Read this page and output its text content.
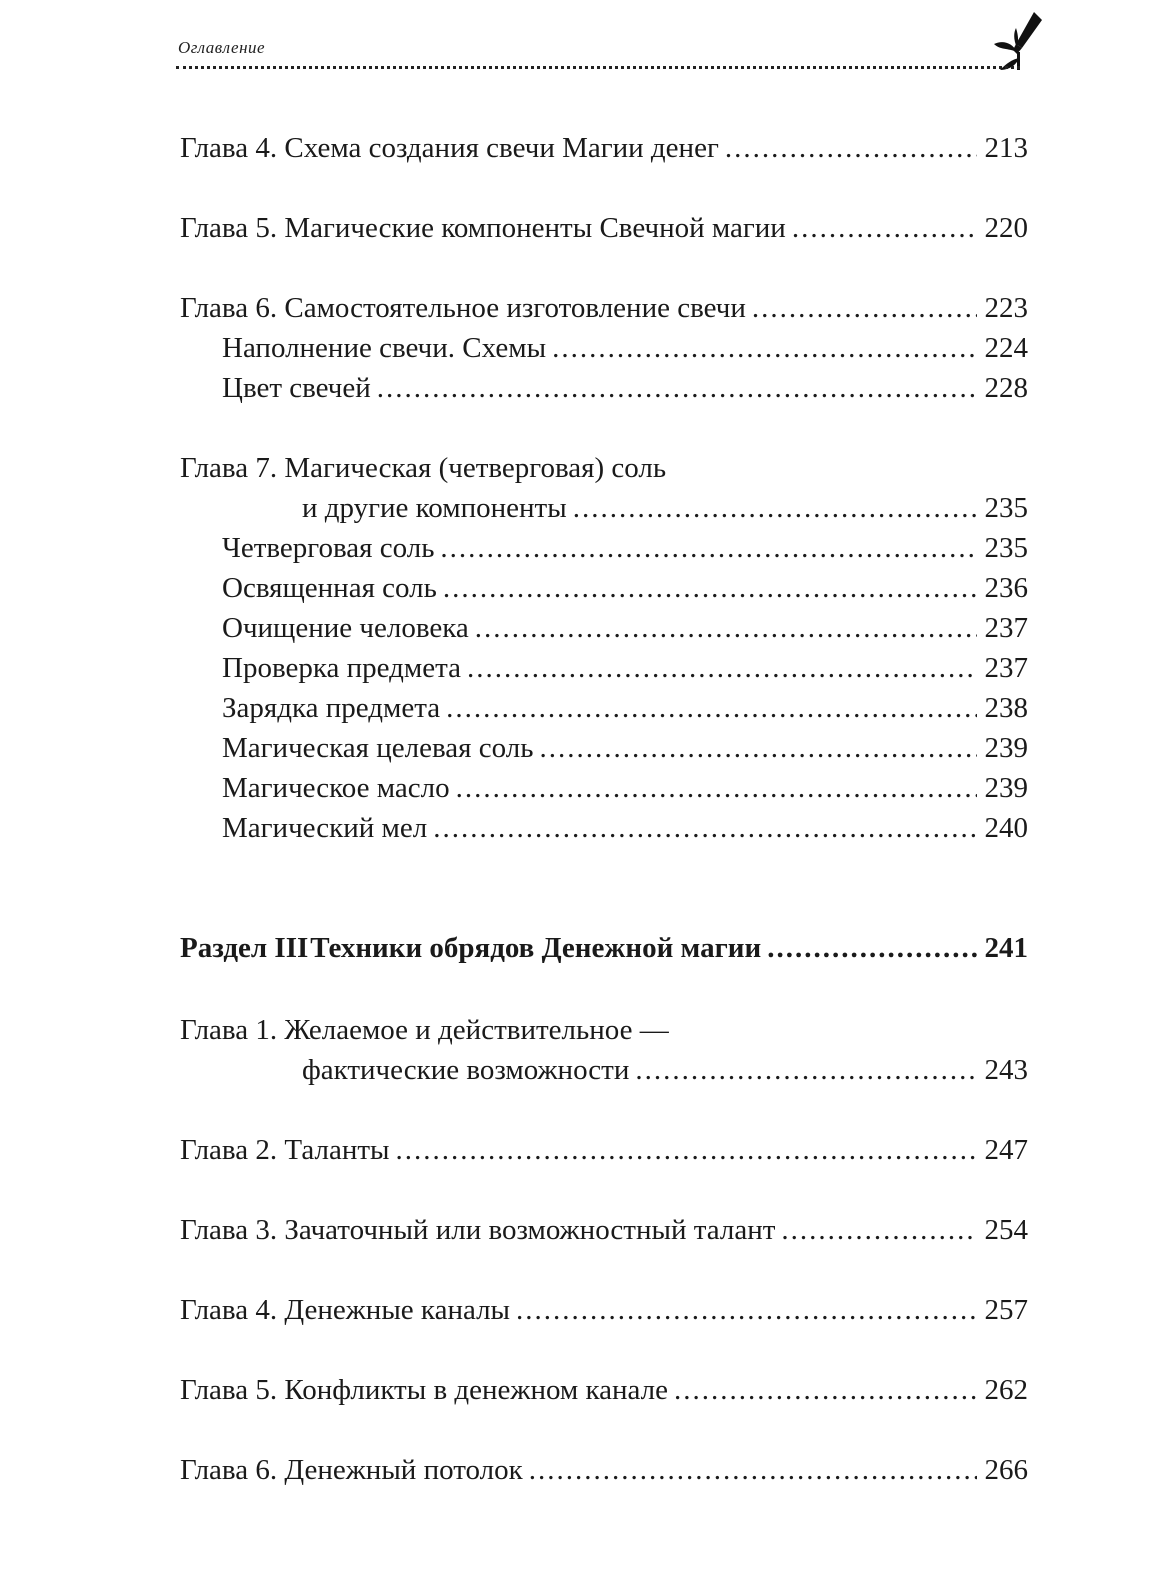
Оглавление
Глава 4. Схема создания свечи Магии денег .....	213
Глава 5. Магические компоненты Свечной магии .....	220
Глава 6. Самостоятельное изготовление свечи .....	223
Наполнение свечи. Схемы .....	224
Цвет свечей .....	228
Глава 7. Магическая (четверговая) соль
и другие компоненты .....	235
Четверговая соль .....	235
Освященная соль .....	236
Очищение человека .....	237
Проверка предмета .....	237
Зарядка предмета .....	238
Магическая целевая соль .....	239
Магическое масло .....	239
Магический мел .....	240
Раздел III Техники обрядов Денежной магии .....	241
Глава 1. Желаемое и действительное —
фактические возможности .....	243
Глава 2. Таланты .....	247
Глава 3. Зачаточный или возможностный талант .....	254
Глава 4. Денежные каналы .....	257
Глава 5. Конфликты в денежном канале .....	262
Глава 6. Денежный потолок .....	266
